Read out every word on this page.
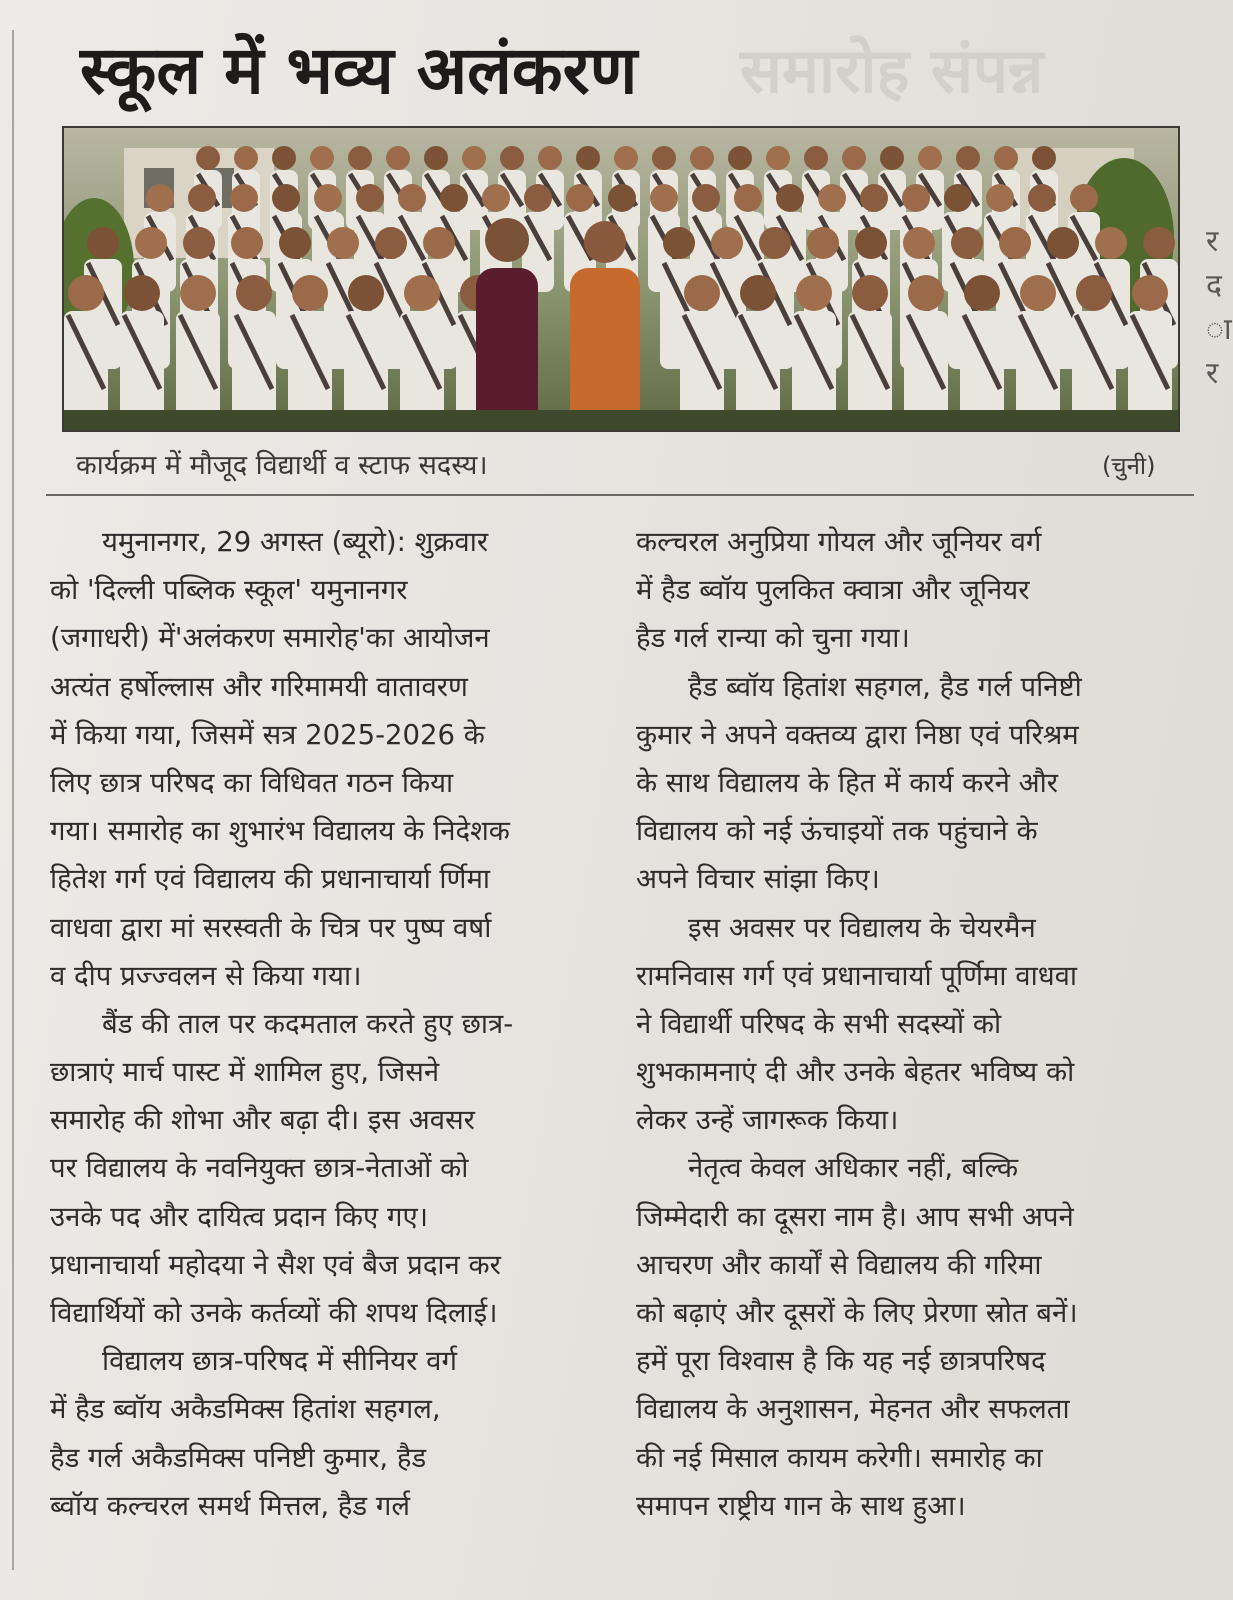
स्कूल में भव्य अलंकरण समारोह संपन्न
र
द
ा
र
कार्यक्रम में मौजूद विद्यार्थी व स्टाफ सदस्य।	(चुनी)
यमुनानगर, 29 अगस्त (ब्यूरो): शुक्रवार
को 'दिल्ली पब्लिक स्कूल' यमुनानगर
(जगाधरी) में'अलंकरण समारोह'का आयोजन
अत्यंत हर्षोल्लास और गरिमामयी वातावरण
में किया गया, जिसमें सत्र 2025-2026 के
लिए छात्र परिषद का विधिवत गठन किया
गया। समारोह का शुभारंभ विद्यालय के निदेशक
हितेश गर्ग एवं विद्यालय की प्रधानाचार्या र्णिमा
वाधवा द्वारा मां सरस्वती के चित्र पर पुष्प वर्षा
व दीप प्रज्ज्वलन से किया गया।
बैंड की ताल पर कदमताल करते हुए छात्र-
छात्राएं मार्च पास्ट में शामिल हुए, जिसने
समारोह की शोभा और बढ़ा दी। इस अवसर
पर विद्यालय के नवनियुक्त छात्र-नेताओं को
उनके पद और दायित्व प्रदान किए गए।
प्रधानाचार्या महोदया ने सैश एवं बैज प्रदान कर
विद्यार्थियों को उनके कर्तव्यों की शपथ दिलाई।
विद्यालय छात्र-परिषद में सीनियर वर्ग
में हैड ब्वॉय अकैडमिक्स हितांश सहगल,
हैड गर्ल अकैडमिक्स पनिष्टी कुमार, हैड
ब्वॉय कल्चरल समर्थ मित्तल, हैड गर्ल
कल्चरल अनुप्रिया गोयल और जूनियर वर्ग
में हैड ब्वॉय पुलकित क्वात्रा और जूनियर
हैड गर्ल रान्या को चुना गया।
हैड ब्वॉय हितांश सहगल, हैड गर्ल पनिष्टी
कुमार ने अपने वक्तव्य द्वारा निष्ठा एवं परिश्रम
के साथ विद्यालय के हित में कार्य करने और
विद्यालय को नई ऊंचाइयों तक पहुंचाने के
अपने विचार सांझा किए।
इस अवसर पर विद्यालय के चेयरमैन
रामनिवास गर्ग एवं प्रधानाचार्या पूर्णिमा वाधवा
ने विद्यार्थी परिषद के सभी सदस्यों को
शुभकामनाएं दी और उनके बेहतर भविष्य को
लेकर उन्हें जागरूक किया।
नेतृत्व केवल अधिकार नहीं, बल्कि
जिम्मेदारी का दूसरा नाम है। आप सभी अपने
आचरण और कार्यों से विद्यालय की गरिमा
को बढ़ाएं और दूसरों के लिए प्रेरणा स्रोत बनें।
हमें पूरा विश्वास है कि यह नई छात्रपरिषद
विद्यालय के अनुशासन, मेहनत और सफलता
की नई मिसाल कायम करेगी। समारोह का
समापन राष्ट्रीय गान के साथ हुआ।
